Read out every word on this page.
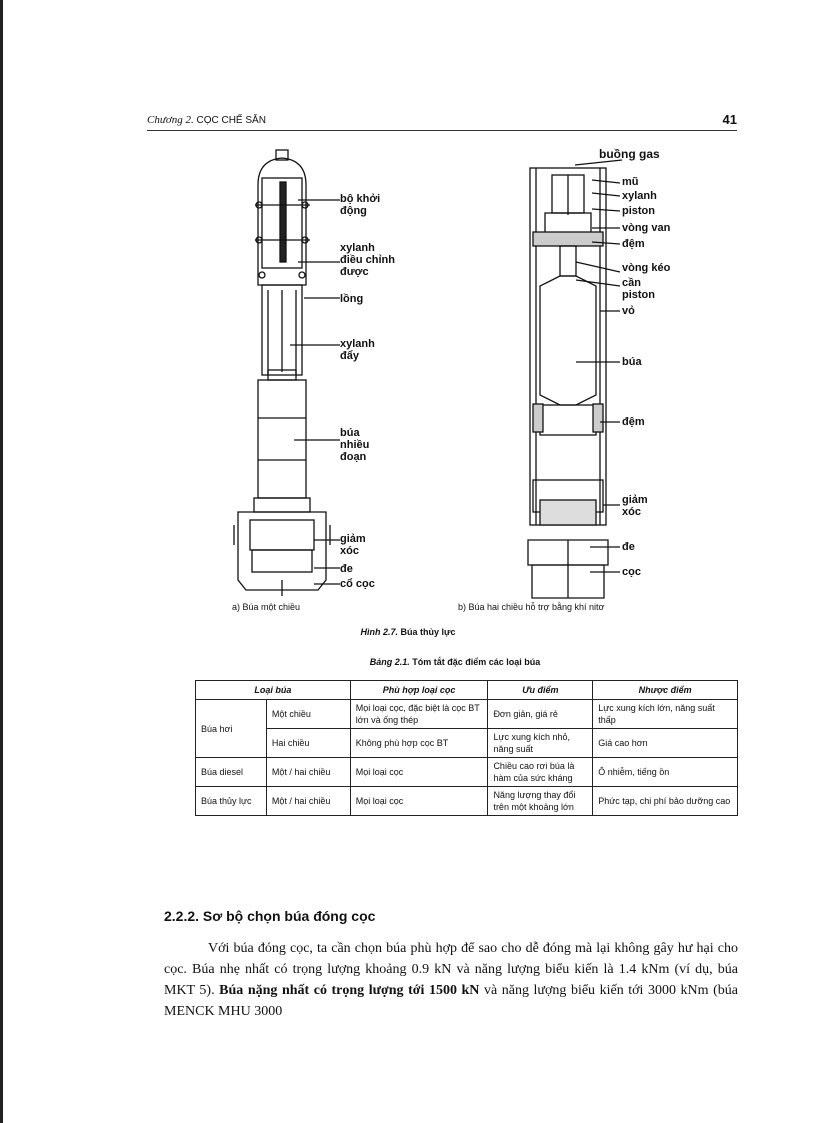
Chương 2. CỌC CHẾ SẴN	41
bộ khởi
động
xylanh
điều chỉnh
được
lồng
xylanh
đẩy
búa
nhiều
đoạn
giảm
xóc
đe
cổ cọc
buồng gas
mũ
xylanh
piston
vòng van
đệm
vòng kéo
cần
piston
vỏ
búa
đệm
giảm
xóc
đe
cọc
a) Búa một chiều	b) Búa hai chiều hỗ trợ bằng khí nitơ
Hình 2.7. Búa thủy lực
Bảng 2.1. Tóm tắt đặc điểm các loại búa
Loại búa		Phù hợp loại cọc	Ưu điểm	Nhược điểm
Búa hơi	Một chiều	Mọi loại cọc, đặc biệt là cọc BT lớn và ống thép	Đơn giản, giá rẻ	Lực xung kích lớn, năng suất thấp
	Hai chiều	Không phù hợp cọc BT	Lực xung kích nhỏ, năng suất	Giá cao hơn
Búa diesel	Một / hai chiều	Mọi loại cọc	Chiều cao rơi búa là hàm của sức kháng	Ô nhiễm, tiếng ồn
Búa thủy lực	Một / hai chiều	Mọi loại cọc	Năng lượng thay đổi trên một khoảng lớn	Phức tạp, chi phí bảo dưỡng cao
2.2.2. Sơ bộ chọn búa đóng cọc
Với búa đóng cọc, ta cần chọn búa phù hợp để sao cho dễ đóng mà lại không gây hư hại cho cọc. Búa nhẹ nhất có trọng lượng khoảng 0.9 kN và năng lượng biểu kiến là 1.4 kNm (ví dụ, búa MKT 5). Búa nặng nhất có trọng lượng tới 1500 kN và năng lượng biểu kiến tới 3000 kNm (búa MENCK MHU 3000
